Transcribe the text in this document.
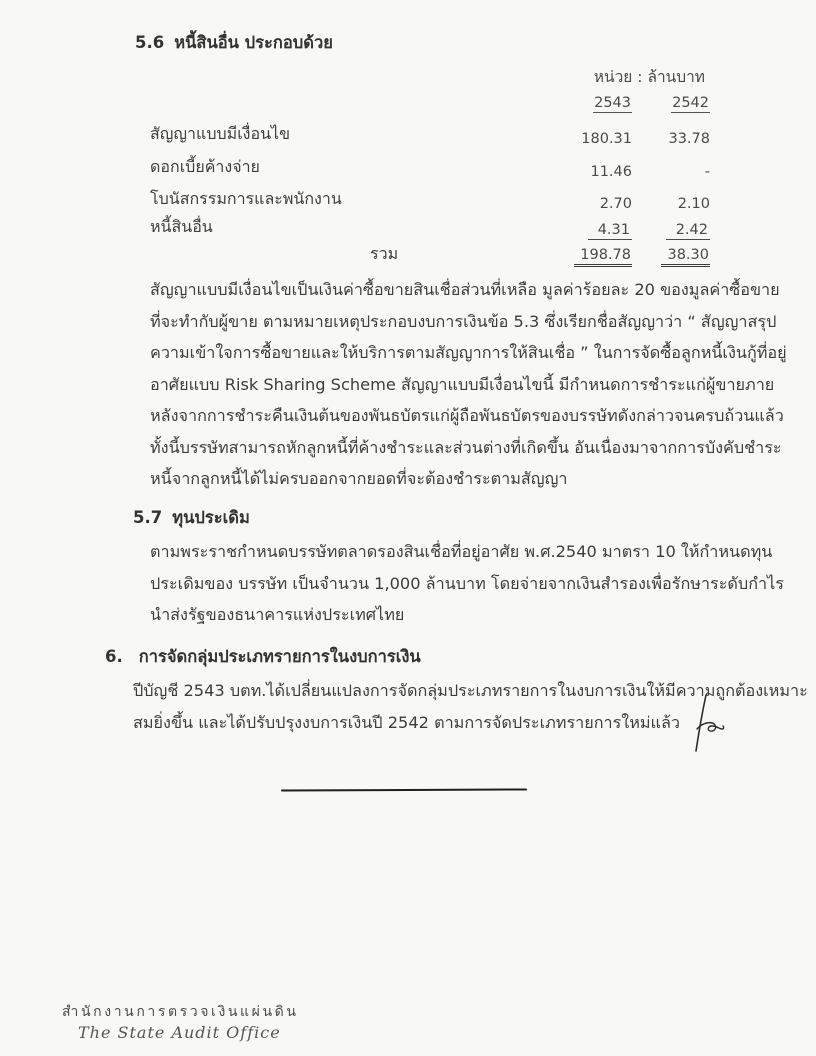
5.6 หนี้สินอื่น ประกอบด้วย
หน่วย : ล้านบาท
2543	2542
สัญญาแบบมีเงื่อนไข	180.31	33.78
ดอกเบี้ยค้างจ่าย	11.46	-
โบนัสกรรมการและพนักงาน	2.70	2.10
หนี้สินอื่น	4.31	2.42
รวม	198.78	38.30
สัญญาแบบมีเงื่อนไขเป็นเงินค่าซื้อขายสินเชื่อส่วนที่เหลือ มูลค่าร้อยละ 20 ของมูลค่าซื้อขาย
ที่จะทำกับผู้ขาย ตามหมายเหตุประกอบงบการเงินข้อ 5.3 ซึ่งเรียกชื่อสัญญาว่า “ สัญญาสรุป
ความเข้าใจการซื้อขายและให้บริการตามสัญญาการให้สินเชื่อ ” ในการจัดซื้อลูกหนี้เงินกู้ที่อยู่
อาศัยแบบ Risk Sharing Scheme สัญญาแบบมีเงื่อนไขนี้ มีกำหนดการชำระแก่ผู้ขายภาย
หลังจากการชำระคืนเงินต้นของพันธบัตรแก่ผู้ถือพันธบัตรของบรรษัทดังกล่าวจนครบถ้วนแล้ว
ทั้งนี้บรรษัทสามารถหักลูกหนี้ที่ค้างชำระและส่วนต่างที่เกิดขึ้น อันเนื่องมาจากการบังคับชำระ
หนี้จากลูกหนี้ได้ไม่ครบออกจากยอดที่จะต้องชำระตามสัญญา
5.7 ทุนประเดิม
ตามพระราชกำหนดบรรษัทตลาดรองสินเชื่อที่อยู่อาศัย พ.ศ.2540 มาตรา 10 ให้กำหนดทุน
ประเดิมของ บรรษัท เป็นจำนวน 1,000 ล้านบาท โดยจ่ายจากเงินสำรองเพื่อรักษาระดับกำไร
นำส่งรัฐของธนาคารแห่งประเทศไทย
6. การจัดกลุ่มประเภทรายการในงบการเงิน
ปีบัญชี 2543 บตท.ได้เปลี่ยนแปลงการจัดกลุ่มประเภทรายการในงบการเงินให้มีความถูกต้องเหมาะ
สมยิ่งขึ้น และได้ปรับปรุงงบการเงินปี 2542 ตามการจัดประเภทรายการใหม่แล้ว
สำนักงานการตรวจเงินแผ่นดิน
The State Audit Office
